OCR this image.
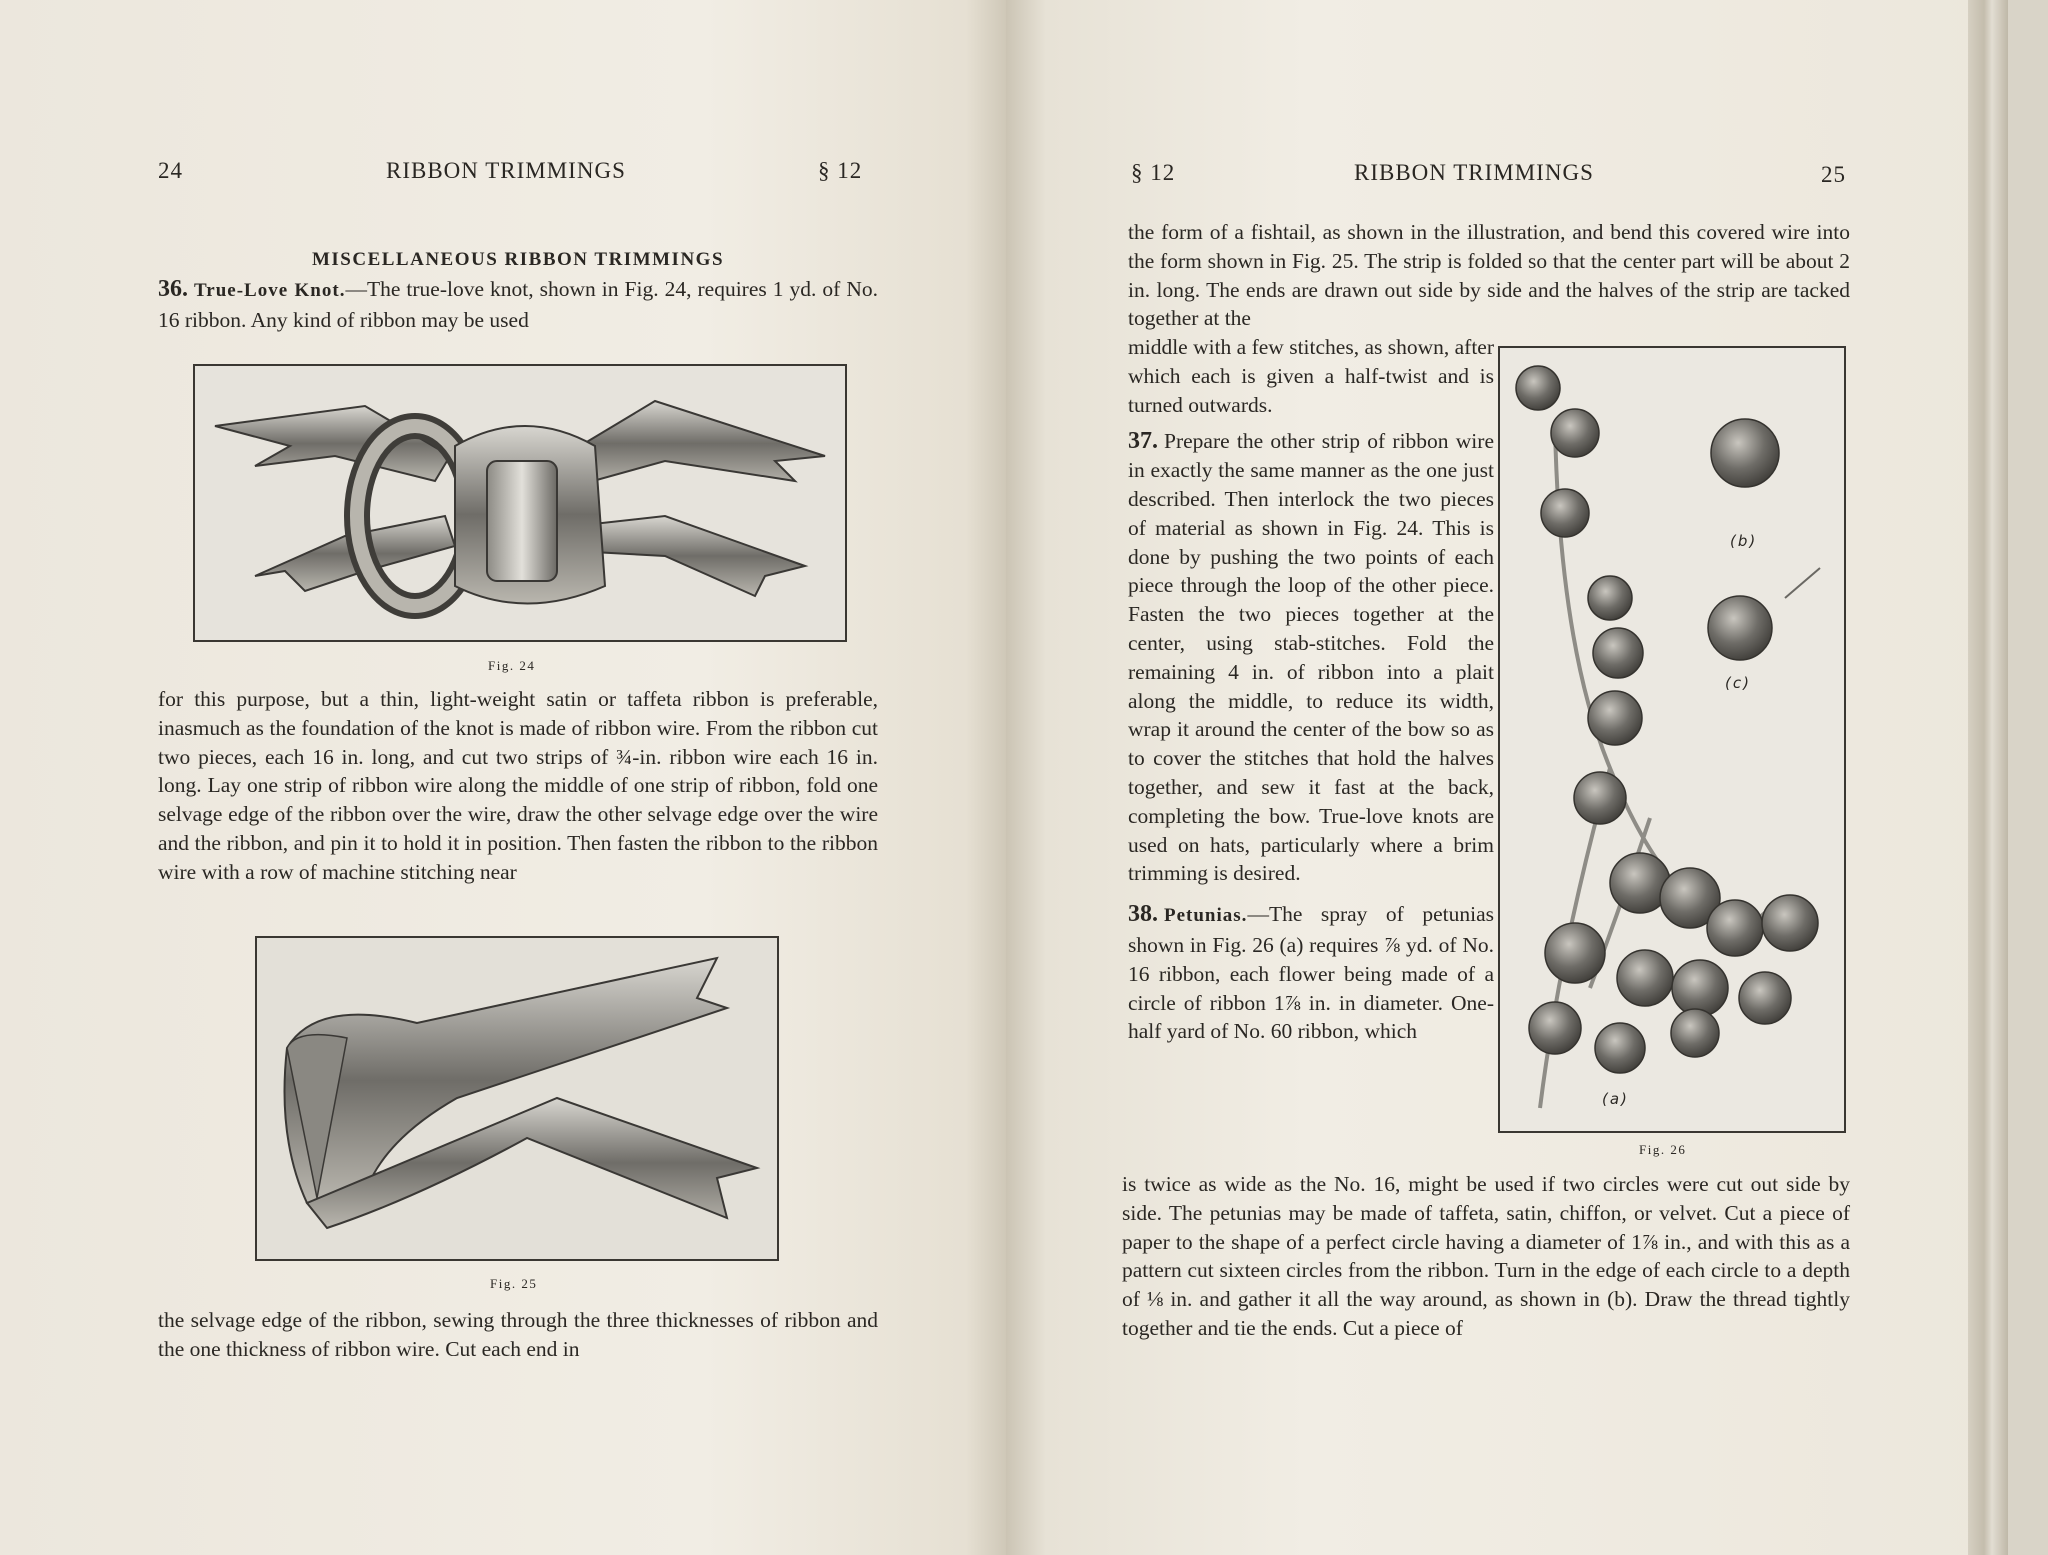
24	RIBBON TRIMMINGS	§ 12

MISCELLANEOUS RIBBON TRIMMINGS

36. True-Love Knot.—The true-love knot, shown in Fig. 24, requires 1 yd. of No. 16 ribbon. Any kind of ribbon may be used

Fig. 24
for this purpose, but a thin, light-weight satin or taffeta ribbon is preferable, inasmuch as the foundation of the knot is made of ribbon wire. From the ribbon cut two pieces, each 16 in. long, and cut two strips of ¾-in. ribbon wire each 16 in. long. Lay one strip of ribbon wire along the middle of one strip of ribbon, fold one selvage edge of the ribbon over the wire, draw the other selvage edge over the wire and the ribbon, and pin it to hold it in position. Then fasten the ribbon to the ribbon wire with a row of machine stitching near
Fig. 25
the selvage edge of the ribbon, sewing through the three thicknesses of ribbon and the one thickness of ribbon wire. Cut each end in
§ 12	RIBBON TRIMMINGS	25
the form of a fishtail, as shown in the illustration, and bend this covered wire into the form shown in Fig. 25. The strip is folded so that the center part will be about 2 in. long. The ends are drawn out side by side and the halves of the strip are tacked together at the

middle with a few stitches, as shown, after which each is given a half-twist and is turned outwards.

37. Prepare the other strip of ribbon wire in exactly the same manner as the one just described. Then interlock the two pieces of material as shown in Fig. 24. This is done by pushing the two points of each piece through the loop of the other piece. Fasten the two pieces together at the center, using stab-stitches. Fold the remaining 4 in. of ribbon into a plait along the middle, to reduce its width, wrap it around the center of the bow so as to cover the stitches that hold the halves together, and sew it fast at the back, completing the bow. True-love knots are used on hats, particularly where a brim trimming is desired.

38. Petunias.—The spray of petunias shown in Fig. 26 (a) requires ⅞ yd. of No. 16 ribbon, each flower being made of a circle of ribbon 1⅞ in. in diameter. One-half yard of No. 60 ribbon, which

(a)
(b)
(c)
Fig. 26
is twice as wide as the No. 16, might be used if two circles were cut out side by side. The petunias may be made of taffeta, satin, chiffon, or velvet. Cut a piece of paper to the shape of a perfect circle having a diameter of 1⅞ in., and with this as a pattern cut sixteen circles from the ribbon. Turn in the edge of each circle to a depth of ⅛ in. and gather it all the way around, as shown in (b). Draw the thread tightly together and tie the ends. Cut a piece of
